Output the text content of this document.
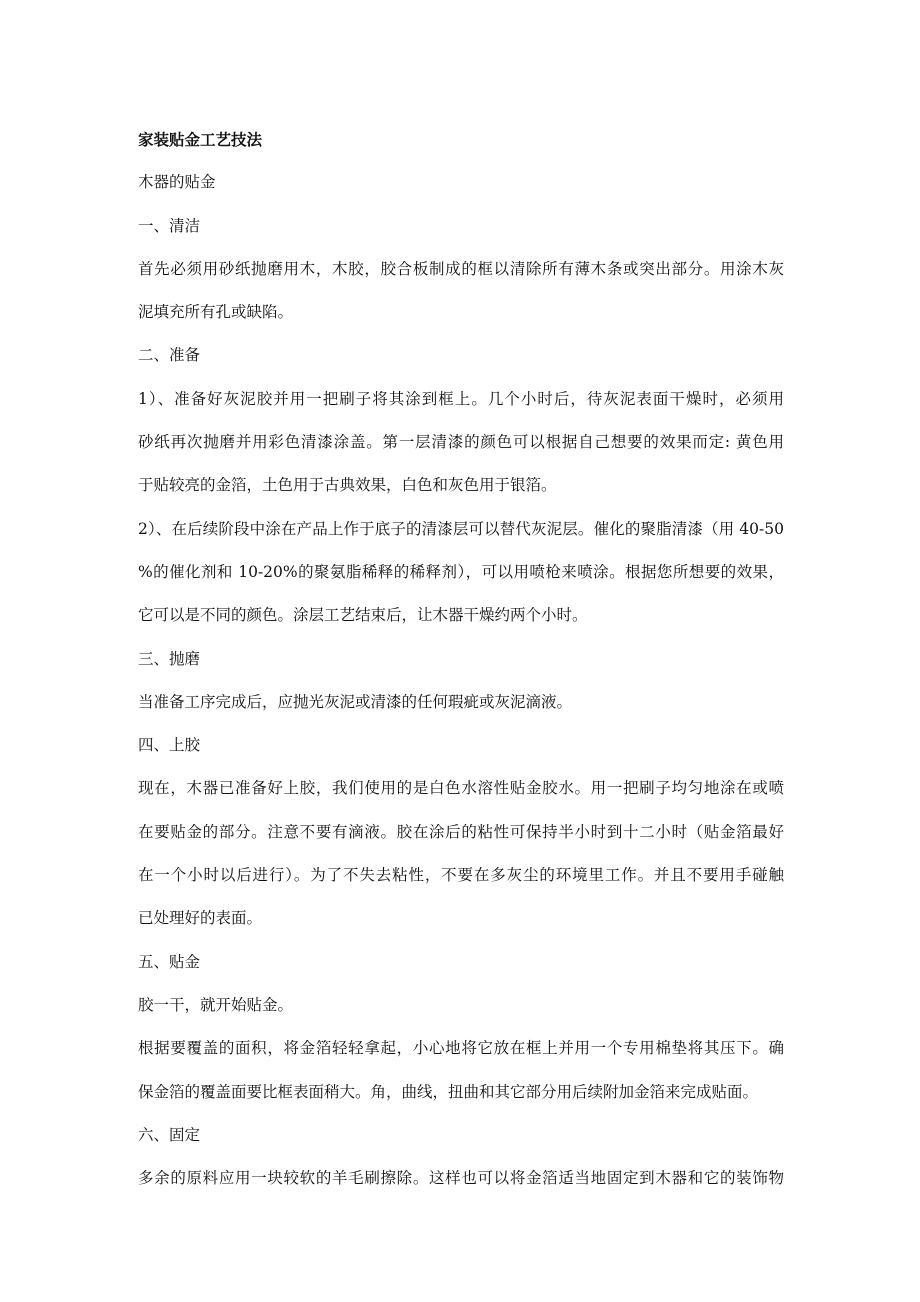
家装贴金工艺技法
木器的贴金
一、清洁
首先必须用砂纸抛磨用木，木胶，胶合板制成的框以清除所有薄木条或突出部分。用涂木灰
泥填充所有孔或缺陷。
二、准备
1）、准备好灰泥胶并用一把刷子将其涂到框上。几个小时后，待灰泥表面干燥时，必须用
砂纸再次抛磨并用彩色清漆涂盖。第一层清漆的颜色可以根据自己想要的效果而定: 黄色用
于贴较亮的金箔，土色用于古典效果，白色和灰色用于银箔。
2）、在后续阶段中涂在产品上作于底子的清漆层可以替代灰泥层。催化的聚脂清漆（用 40-50
%的催化剂和 10-20%的聚氨脂稀释的稀释剂），可以用喷枪来喷涂。根据您所想要的效果，
它可以是不同的颜色。涂层工艺结束后，让木器干燥约两个小时。
三、抛磨
当准备工序完成后，应抛光灰泥或清漆的任何瑕疵或灰泥滴液。
四、上胶
现在，木器已准备好上胶，我们使用的是白色水溶性贴金胶水。用一把刷子均匀地涂在或喷
在要贴金的部分。注意不要有滴液。胶在涂后的粘性可保持半小时到十二小时（贴金箔最好
在一个小时以后进行）。为了不失去粘性，不要在多灰尘的环境里工作。并且不要用手碰触
已处理好的表面。
五、贴金
胶一干，就开始贴金。
根据要覆盖的面积，将金箔轻轻拿起，小心地将它放在框上并用一个专用棉垫将其压下。确
保金箔的覆盖面要比框表面稍大。角，曲线，扭曲和其它部分用后续附加金箔来完成贴面。
六、固定
多余的原料应用一块较软的羊毛刷擦除。这样也可以将金箔适当地固定到木器和它的装饰物
